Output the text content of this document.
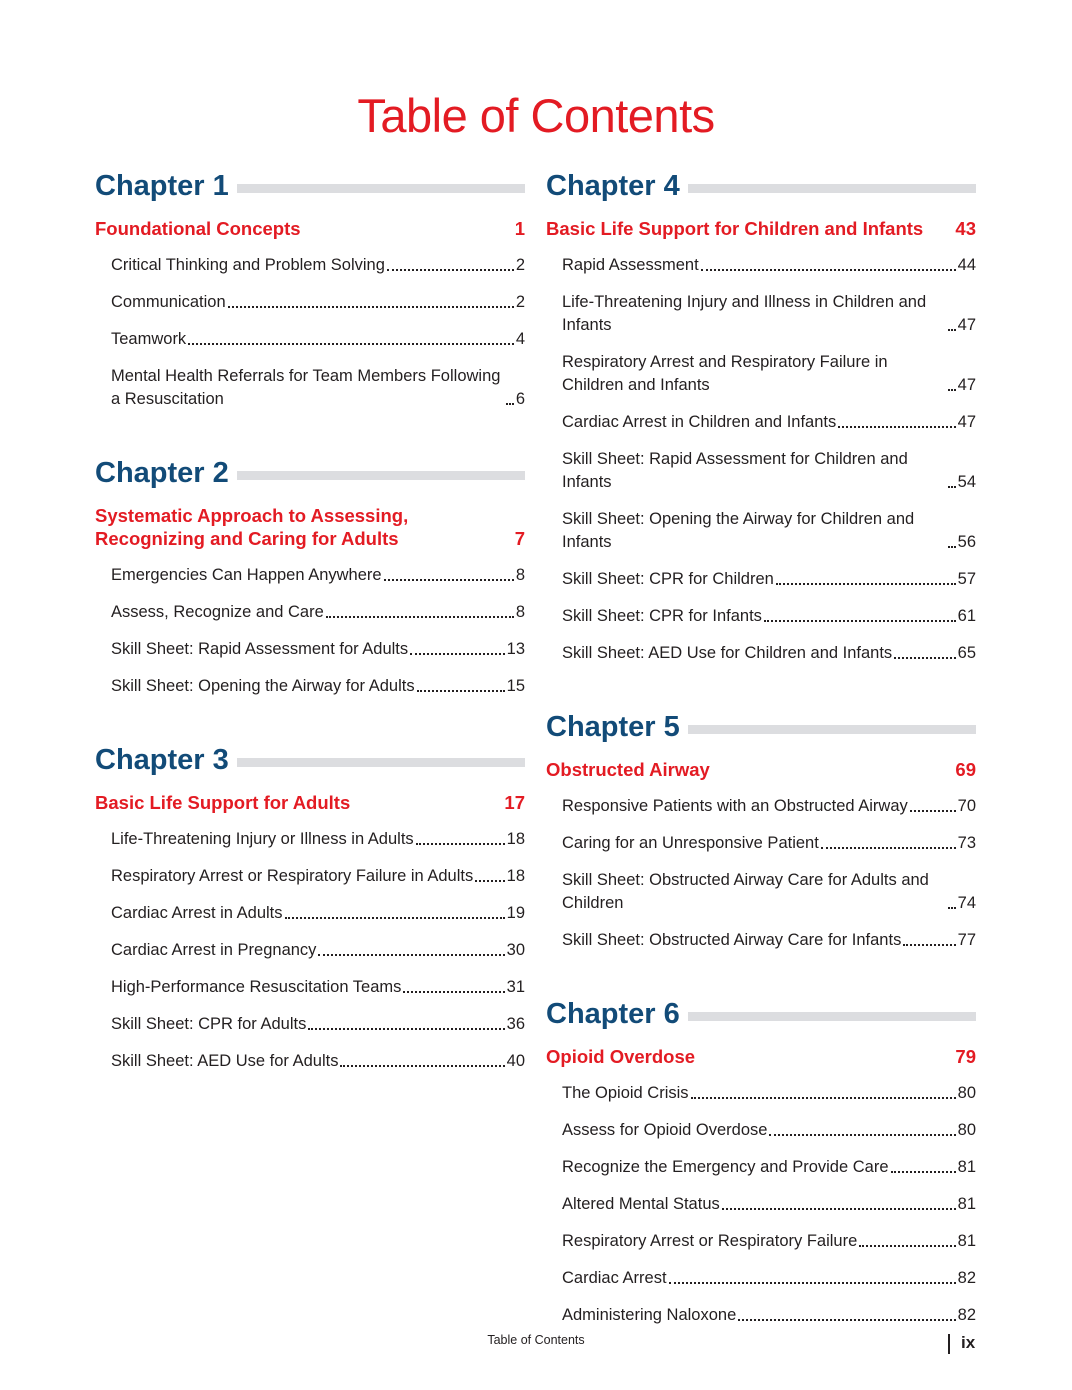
Table of Contents
Chapter 1
Foundational Concepts	1
Critical Thinking and Problem Solving	2
Communication	2
Teamwork	4
Mental Health Referrals for Team Members Following a Resuscitation	6
Chapter 2
Systematic Approach to Assessing, Recognizing and Caring for Adults	7
Emergencies Can Happen Anywhere	8
Assess, Recognize and Care	8
Skill Sheet: Rapid Assessment for Adults	13
Skill Sheet: Opening the Airway for Adults	15
Chapter 3
Basic Life Support for Adults	17
Life-Threatening Injury or Illness in Adults	18
Respiratory Arrest or Respiratory Failure in Adults 18
Cardiac Arrest in Adults	19
Cardiac Arrest in Pregnancy	30
High-Performance Resuscitation Teams	31
Skill Sheet: CPR for Adults	36
Skill Sheet: AED Use for Adults	40
Chapter 4
Basic Life Support for Children and Infants 43
Rapid Assessment	44
Life-Threatening Injury and Illness in Children and Infants	47
Respiratory Arrest and Respiratory Failure in Children and Infants	47
Cardiac Arrest in Children and Infants	47
Skill Sheet: Rapid Assessment for Children and Infants	54
Skill Sheet: Opening the Airway for Children and Infants	56
Skill Sheet: CPR for Children	57
Skill Sheet: CPR for Infants	61
Skill Sheet: AED Use for Children and Infants	65
Chapter 5
Obstructed Airway	69
Responsive Patients with an Obstructed Airway	70
Caring for an Unresponsive Patient	73
Skill Sheet: Obstructed Airway Care for Adults and Children	74
Skill Sheet: Obstructed Airway Care for Infants	77
Chapter 6
Opioid Overdose	79
The Opioid Crisis	80
Assess for Opioid Overdose	80
Recognize the Emergency and Provide Care	81
Altered Mental Status	81
Respiratory Arrest or Respiratory Failure	81
Cardiac Arrest	82
Administering Naloxone	82
Table of Contents	ix
